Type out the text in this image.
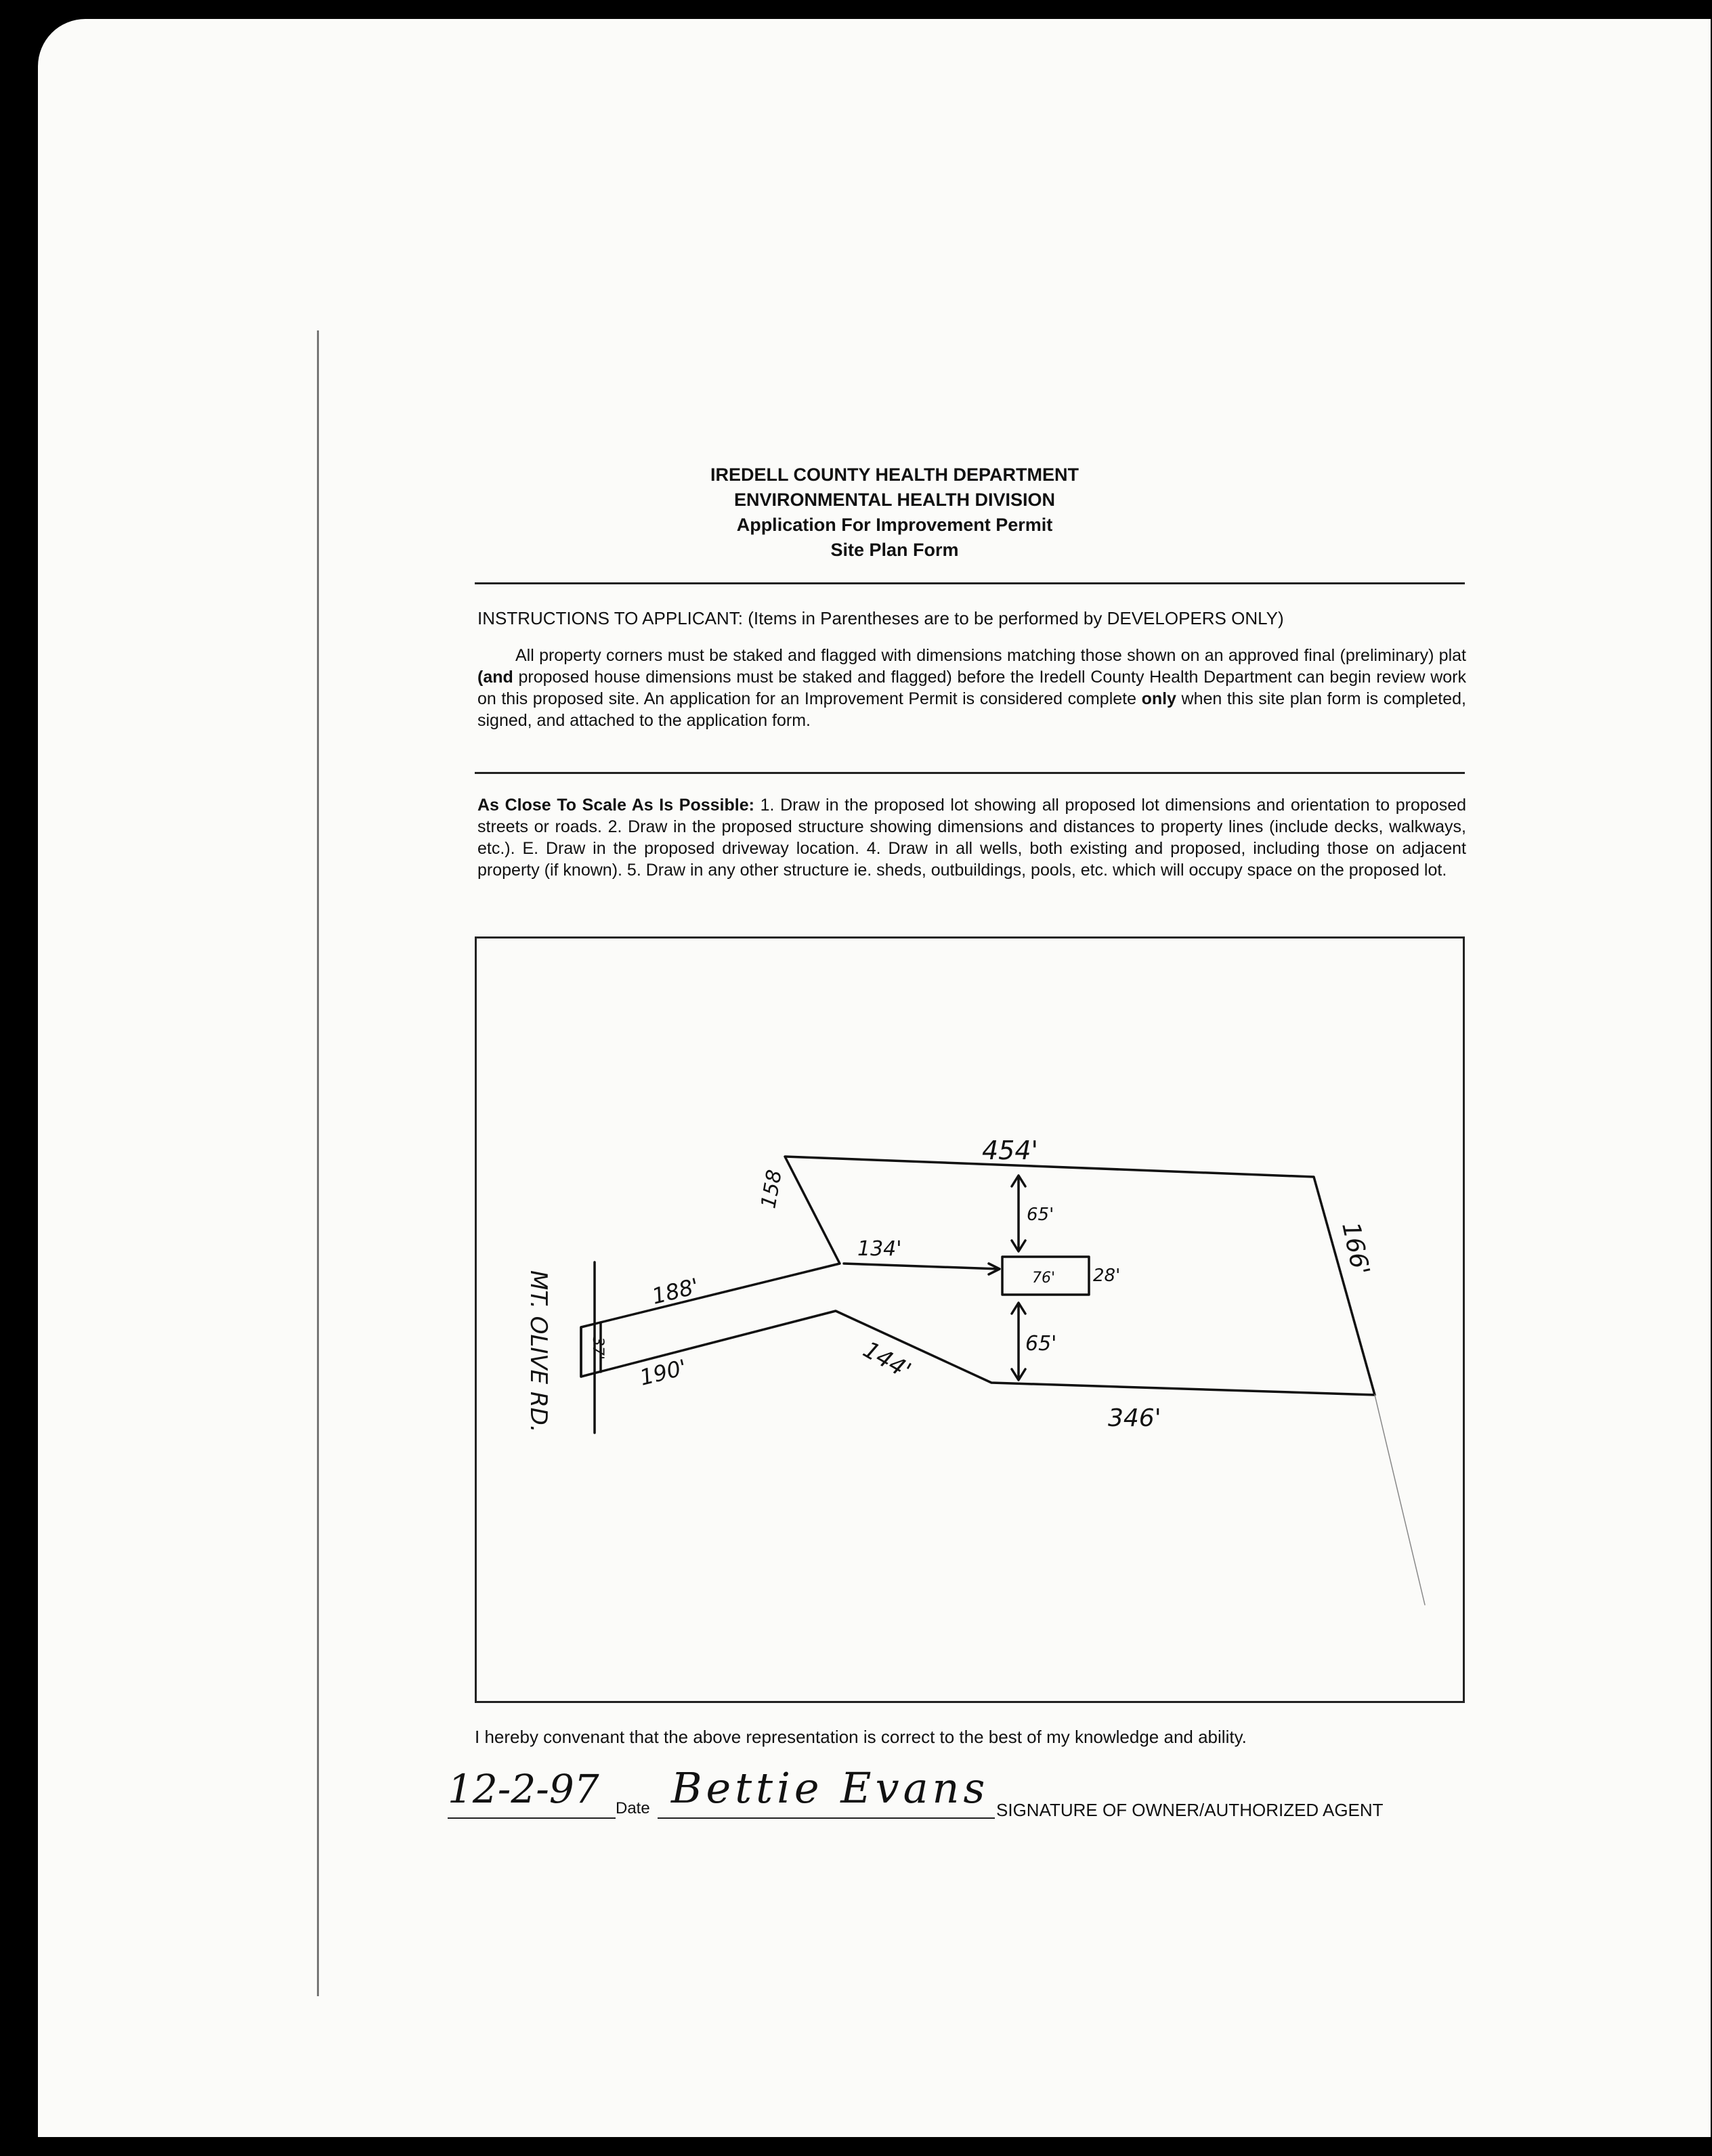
IREDELL COUNTY HEALTH DEPARTMENT
ENVIRONMENTAL HEALTH DIVISION
Application For Improvement Permit
Site Plan Form
INSTRUCTIONS TO APPLICANT: (Items in Parentheses are to be performed by DEVELOPERS ONLY)

All property corners must be staked and flagged with dimensions matching those shown on an approved final (preliminary) plat (and proposed house dimensions must be staked and flagged) before the Iredell County Health Department can begin review work on this proposed site. An application for an Improvement Permit is considered complete only when this site plan form is completed, signed, and attached to the application form.

As Close To Scale As Is Possible: 1. Draw in the proposed lot showing all proposed lot dimensions and orientation to proposed streets or roads. 2. Draw in the proposed structure showing dimensions and distances to property lines (include decks, walkways, etc.). E. Draw in the proposed driveway location. 4. Draw in all wells, both existing and proposed, including those on adjacent property (if known). 5. Draw in any other structure ie. sheds, outbuildings, pools, etc. which will occupy space on the proposed lot.

MT. OLIVE RD.
454'
158
166'
346'
188'
190'
37'	144'
134'
65'
65'
76' 28'

I hereby convenant that the above representation is correct to the best of my knowledge and ability.

12-2-97 Date Bettie Evans SIGNATURE OF OWNER/AUTHORIZED AGENT
